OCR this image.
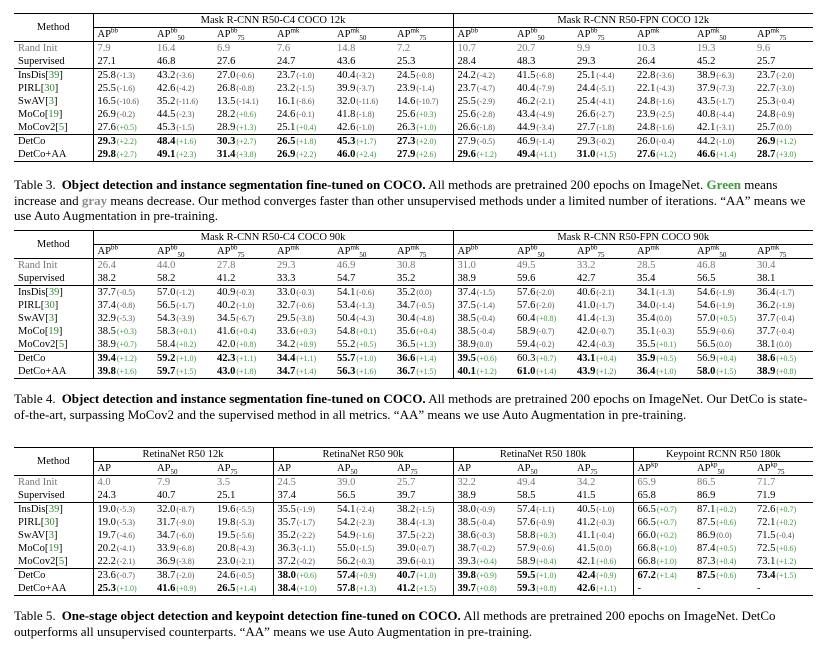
Method	Mask R-CNN R50-C4 COCO 12k						Mask R-CNN R50-FPN COCO 12k					
	$AP^{bb}$	$AP^{bb}_{50}$	$AP^{bb}_{75}$	$AP^{mk}$	$AP^{mk}_{50}$	$AP^{mk}_{75}$	$AP^{bb}$	$AP^{bb}_{50}$	$AP^{bb}_{75}$	$AP^{mk}$	$AP^{mk}_{50}$	$AP^{mk}_{75}$
Rand Init	7.9	16.4	6.9	7.6	14.8	7.2	10.7	20.7	9.9	10.3	19.3	9.6
Supervised	27.1	46.8	27.6	24.7	43.6	25.3	28.4	48.3	29.3	26.4	45.2	25.7
InsDis[39]	25.8(-1.3)	43.2(-3.6)	27.0(-0.6)	23.7(-1.0)	40.4(-3.2)	24.5(-0.8)	24.2(-4.2)	41.5(-6.8)	25.1(-4.4)	22.8(-3.6)	38.9(-6.3)	23.7(-2.0)
PIRL[30]	25.5(-1.6)	42.6(-4.2)	26.8(-0.8)	23.2(-1.5)	39.9(-3.7)	23.9(-1.4)	23.7(-4.7)	40.4(-7.9)	24.4(-5.1)	22.1(-4.3)	37.9(-7.3)	22.7(-3.0)
SwAV[3]	16.5(-10.6)	35.2(-11.6)	13.5(-14.1)	16.1(-8.6)	32.0(-11.6)	14.6(-10.7)	25.5(-2.9)	46.2(-2.1)	25.4(-4.1)	24.8(-1.6)	43.5(-1.7)	25.3(-0.4)
MoCo[19]	26.9(-0.2)	44.5(-2.3)	28.2(+0.6)	24.6(-0.1)	41.8(-1.8)	25.6(+0.3)	25.6(-2.8)	43.4(-4.9)	26.6(-2.7)	23.9(-2.5)	40.8(-4.4)	24.8(-0.9)
MoCov2[5]	27.6(+0.5)	45.3(-1.5)	28.9(+1.3)	25.1(+0.4)	42.6(-1.0)	26.3(+1.0)	26.6(-1.8)	44.9(-3.4)	27.7(-1.8)	24.8(-1.6)	42.1(-3.1)	25.7(0.0)
DetCo	29.3(+2.2)	48.4(+1.6)	30.3(+2.7)	26.5(+1.8)	45.3(+1.7)	27.3(+2.0)	27.9(-0.5)	46.9(-1.4)	29.3(-0.2)	26.0(-0.4)	44.2(-1.0)	26.9(+1.2)
DetCo+AA	29.8(+2.7)	49.1(+2.3)	31.4(+3.8)	26.9(+2.2)	46.0(+2.4)	27.9(+2.6)	29.6(+1.2)	49.4(+1.1)	31.0(+1.5)	27.6(+1.2)	46.6(+1.4)	28.7(+3.0)
Table 3. Object detection and instance segmentation fine-tuned on COCO. All methods are pretrained 200 epochs on ImageNet. Green means increase and gray means decrease. Our method converges faster than other unsupervised methods under a limited number of iterations. “AA” means we use Auto Augmentation in pre-training.
Method	Mask R-CNN R50-C4 COCO 90k						Mask R-CNN R50-FPN COCO 90k					
	$AP^{bb}$	$AP^{bb}_{50}$	$AP^{bb}_{75}$	$AP^{mk}$	$AP^{mk}_{50}$	$AP^{mk}_{75}$	$AP^{bb}$	$AP^{bb}_{50}$	$AP^{bb}_{75}$	$AP^{mk}$	$AP^{mk}_{50}$	$AP^{mk}_{75}$
Rand Init	26.4	44.0	27.8	29.3	46.9	30.8	31.0	49.5	33.2	28.5	46.8	30.4
Supervised	38.2	58.2	41.2	33.3	54.7	35.2	38.9	59.6	42.7	35.4	56.5	38.1
InsDis[39]	37.7(-0.5)	57.0(-1.2)	40.9(-0.3)	33.0(-0.3)	54.1(-0.6)	35.2(0.0)	37.4(-1.5)	57.6(-2.0)	40.6(-2.1)	34.1(-1.3)	54.6(-1.9)	36.4(-1.7)
PIRL[30]	37.4(-0.8)	56.5(-1.7)	40.2(-1.0)	32.7(-0.6)	53.4(-1.3)	34.7(-0.5)	37.5(-1.4)	57.6(-2.0)	41.0(-1.7)	34.0(-1.4)	54.6(-1.9)	36.2(-1.9)
SwAV[3]	32.9(-5.3)	54.3(-3.9)	34.5(-6.7)	29.5(-3.8)	50.4(-4.3)	30.4(-4.8)	38.5(-0.4)	60.4(+0.8)	41.4(-1.3)	35.4(0.0)	57.0(+0.5)	37.7(-0.4)
MoCo[19]	38.5(+0.3)	58.3(+0.1)	41.6(+0.4)	33.6(+0.3)	54.8(+0.1)	35.6(+0.4)	38.5(-0.4)	58.9(-0.7)	42.0(-0.7)	35.1(-0.3)	55.9(-0.6)	37.7(-0.4)
MoCov2[5]	38.9(+0.7)	58.4(+0.2)	42.0(+0.8)	34.2(+0.9)	55.2(+0.5)	36.5(+1.3)	38.9(0.0)	59.4(-0.2)	42.4(-0.3)	35.5(+0.1)	56.5(0.0)	38.1(0.0)
DetCo	39.4(+1.2)	59.2(+1.0)	42.3(+1.1)	34.4(+1.1)	55.7(+1.0)	36.6(+1.4)	39.5(+0.6)	60.3(+0.7)	43.1(+0.4)	35.9(+0.5)	56.9(+0.4)	38.6(+0.5)
DetCo+AA	39.8(+1.6)	59.7(+1.5)	43.0(+1.8)	34.7(+1.4)	56.3(+1.6)	36.7(+1.5)	40.1(+1.2)	61.0(+1.4)	43.9(+1.2)	36.4(+1.0)	58.0(+1.5)	38.9(+0.8)
Table 4. Object detection and instance segmentation fine-tuned on COCO. All methods are pretrained 200 epochs on ImageNet. Our DetCo is state-of-the-art, surpassing MoCov2 and the supervised method in all metrics. “AA” means we use Auto Augmentation in pre-training.
Method	RetinaNet R50 12k			RetinaNet R50 90k			RetinaNet R50 180k			Keypoint RCNN R50 180k		
	AP	$AP_{50}$	$AP_{75}$	AP	$AP_{50}$	$AP_{75}$	AP	$AP_{50}$	$AP_{75}$	$AP^{kp}$	$AP^{kp}_{50}$	$AP^{kp}_{75}$
Rand Init	4.0	7.9	3.5	24.5	39.0	25.7	32.2	49.4	34.2	65.9	86.5	71.7
Supervised	24.3	40.7	25.1	37.4	56.5	39.7	38.9	58.5	41.5	65.8	86.9	71.9
InsDis[39]	19.0(-5.3)	32.0(-8.7)	19.6(-5.5)	35.5(-1.9)	54.1(-2.4)	38.2(-1.5)	38.0(-0.9)	57.4(-1.1)	40.5(-1.0)	66.5(+0.7)	87.1(+0.2)	72.6(+0.7)
PIRL[30]	19.0(-5.3)	31.7(-9.0)	19.8(-5.3)	35.7(-1.7)	54.2(-2.3)	38.4(-1.3)	38.5(-0.4)	57.6(-0.9)	41.2(-0.3)	66.5(+0.7)	87.5(+0.6)	72.1(+0.2)
SwAV[3]	19.7(-4.6)	34.7(-6.0)	19.5(-5.6)	35.2(-2.2)	54.9(-1.6)	37.5(-2.2)	38.6(-0.3)	58.8(+0.3)	41.1(-0.4)	66.0(+0.2)	86.9(0.0)	71.5(-0.4)
MoCo[19]	20.2(-4.1)	33.9(-6.8)	20.8(-4.3)	36.3(-1.1)	55.0(-1.5)	39.0(-0.7)	38.7(-0.2)	57.9(-0.6)	41.5(0.0)	66.8(+1.0)	87.4(+0.5)	72.5(+0.6)
MoCov2[5]	22.2(-2.1)	36.9(-3.8)	23.0(-2.1)	37.2(-0.2)	56.2(-0.3)	39.6(-0.1)	39.3(+0.4)	58.9(+0.4)	42.1(+0.6)	66.8(+1.0)	87.3(+0.4)	73.1(+1.2)
DetCo	23.6(-0.7)	38.7(-2.0)	24.6(-0.5)	38.0(+0.6)	57.4(+0.9)	40.7(+1.0)	39.8(+0.9)	59.5(+1.0)	42.4(+0.9)	67.2(+1.4)	87.5(+0.6)	73.4(+1.5)
DetCo+AA	25.3(+1.0)	41.6(+0.9)	26.5(+1.4)	38.4(+1.0)	57.8(+1.3)	41.2(+1.5)	39.7(+0.8)	59.3(+0.8)	42.6(+1.1)	-	-	-
Table 5. One-stage object detection and keypoint detection fine-tuned on COCO. All methods are pretrained 200 epochs on ImageNet. DetCo outperforms all unsupervised counterparts. “AA” means we use Auto Augmentation in pre-training.
